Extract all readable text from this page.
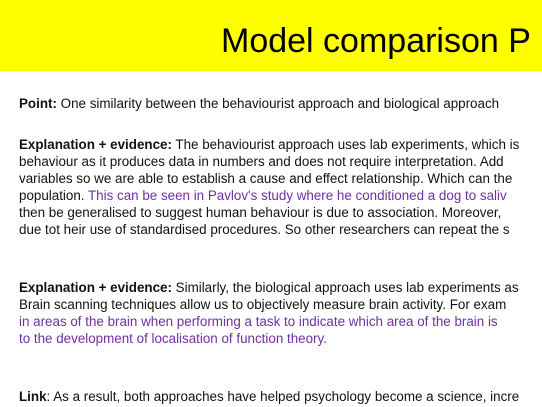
Model comparison P
Point: One similarity between the behaviourist approach and biological approach
Explanation + evidence: The behaviourist approach uses lab experiments, which is
behaviour as it produces data in numbers and does not require interpretation. Add
variables so we are able to establish a cause and effect relationship. Which can the
population. This can be seen in Pavlov's study where he conditioned a dog to saliv
then be generalised to suggest human behaviour is due to association. Moreover,
due tot heir use of standardised procedures. So other researchers can repeat the s
Explanation + evidence: Similarly, the biological approach uses lab experiments as
Brain scanning techniques allow us to objectively measure brain activity. For exam
in areas of the brain when performing a task to indicate which area of the brain is
to the development of localisation of function theory.
Link: As a result, both approaches have helped psychology become a science, incre
